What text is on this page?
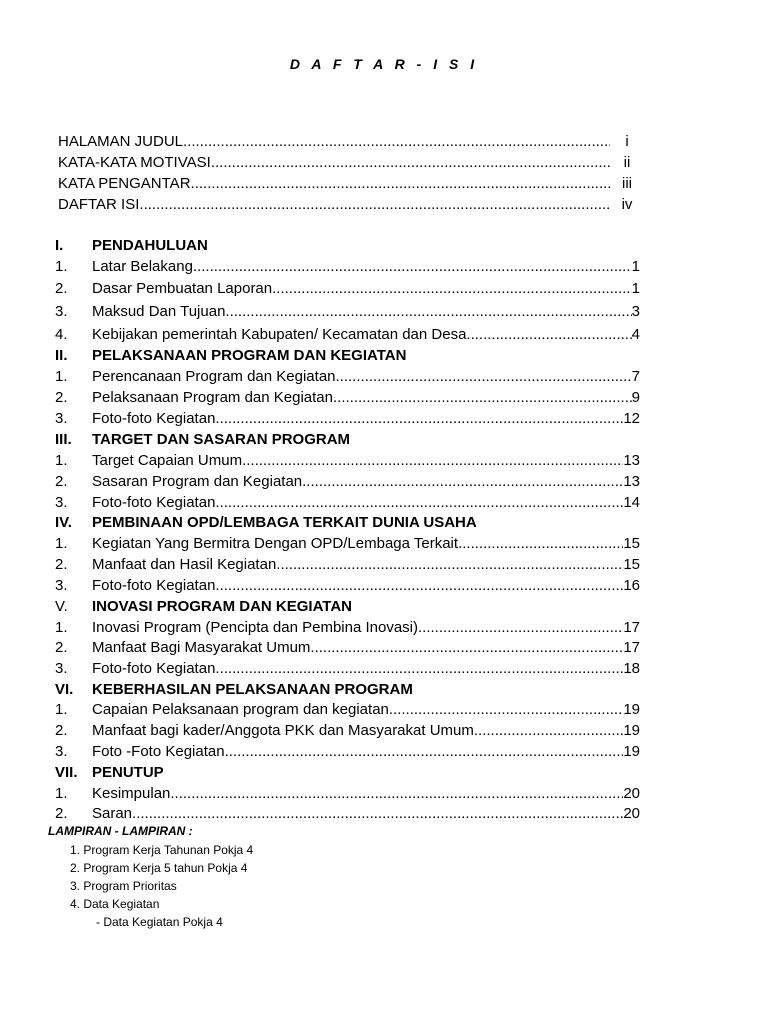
D A F T A R - I S I
HALAMAN JUDUL .....	i
KATA-KATA MOTIVASI .....	ii
KATA PENGANTAR .....	iii
DAFTAR ISI .....	iv
I.	PENDAHULUAN
1.	Latar Belakang .....	1
2.	Dasar Pembuatan Laporan .....	1
3.	Maksud Dan Tujuan .....	3
4.	Kebijakan pemerintah Kabupaten/ Kecamatan dan Desa .....	4
II.	PELAKSANAAN PROGRAM DAN KEGIATAN
1.	Perencanaan Program dan Kegiatan .....	7
2.	Pelaksanaan Program dan Kegiatan .....	9
3.	Foto-foto Kegiatan .....	12
III.	TARGET DAN SASARAN PROGRAM
1.	Target Capaian Umum .....	13
2.	Sasaran Program dan Kegiatan .....	13
3.	Foto-foto Kegiatan .....	14
IV.	PEMBINAAN OPD/LEMBAGA TERKAIT DUNIA USAHA
1.	Kegiatan Yang Bermitra Dengan OPD/Lembaga Terkait .....	15
2.	Manfaat dan Hasil Kegiatan .....	15
3.	Foto-foto Kegiatan .....	16
V.	INOVASI PROGRAM DAN KEGIATAN
1.	Inovasi Program (Pencipta dan Pembina Inovasi) .....	17
2.	Manfaat Bagi Masyarakat Umum .....	17
3.	Foto-foto Kegiatan .....	18
VI.	KEBERHASILAN PELAKSANAAN PROGRAM
1.	Capaian Pelaksanaan program dan kegiatan .....	19
2.	Manfaat bagi kader/Anggota PKK dan Masyarakat Umum .....	19
3.	Foto -Foto Kegiatan .....	19
VII. PENUTUP
1.	Kesimpulan .....	20
2.	Saran .....	20
LAMPIRAN - LAMPIRAN :
1. Program Kerja Tahunan Pokja 4
2. Program Kerja 5 tahun Pokja 4
3. Program Prioritas
4. Data Kegiatan
- Data Kegiatan Pokja 4
